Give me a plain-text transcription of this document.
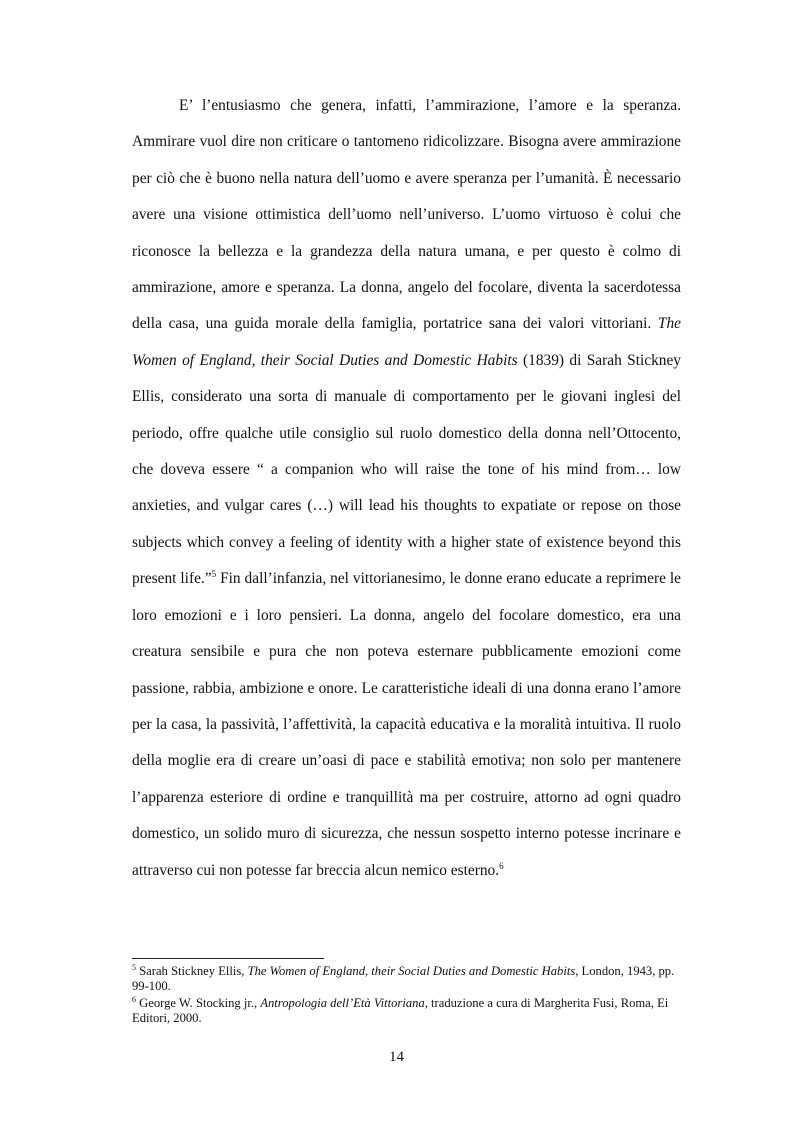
E’ l’entusiasmo che genera, infatti, l’ammirazione, l’amore e la speranza. Ammirare vuol dire non criticare o tantomeno ridicolizzare. Bisogna avere ammirazione per ciò che è buono nella natura dell’uomo e avere speranza per l’umanità. È necessario avere una visione ottimistica dell’uomo nell’universo. L’uomo virtuoso è colui che riconosce la bellezza e la grandezza della natura umana, e per questo è colmo di ammirazione, amore e speranza. La donna, angelo del focolare, diventa la sacerdotessa della casa, una guida morale della famiglia, portatrice sana dei valori vittoriani. The Women of England, their Social Duties and Domestic Habits (1839) di Sarah Stickney Ellis, considerato una sorta di manuale di comportamento per le giovani inglesi del periodo, offre qualche utile consiglio sul ruolo domestico della donna nell’Ottocento, che doveva essere “ a companion who will raise the tone of his mind from… low anxieties, and vulgar cares (…) will lead his thoughts to expatiate or repose on those subjects which convey a feeling of identity with a higher state of existence beyond this present life.”$^5$ Fin dall’infanzia, nel vittorianesimo, le donne erano educate a reprimere le loro emozioni e i loro pensieri. La donna, angelo del focolare domestico, era una creatura sensibile e pura che non poteva esternare pubblicamente emozioni come passione, rabbia, ambizione e onore. Le caratteristiche ideali di una donna erano l’amore per la casa, la passività, l’affettività, la capacità educativa e la moralità intuitiva. Il ruolo della moglie era di creare un’oasi di pace e stabilità emotiva; non solo per mantenere l’apparenza esteriore di ordine e tranquillità ma per costruire, attorno ad ogni quadro domestico, un solido muro di sicurezza, che nessun sospetto interno potesse incrinare e attraverso cui non potesse far breccia alcun nemico esterno.$^6$

$^5$ Sarah Stickney Ellis, The Women of England, their Social Duties and Domestic Habits, London, 1943, pp. 99-100.

$^6$ George W. Stocking jr., Antropologia dell’Età Vittoriana, traduzione a cura di Margherita Fusi, Roma, Ei Editori, 2000.

14
